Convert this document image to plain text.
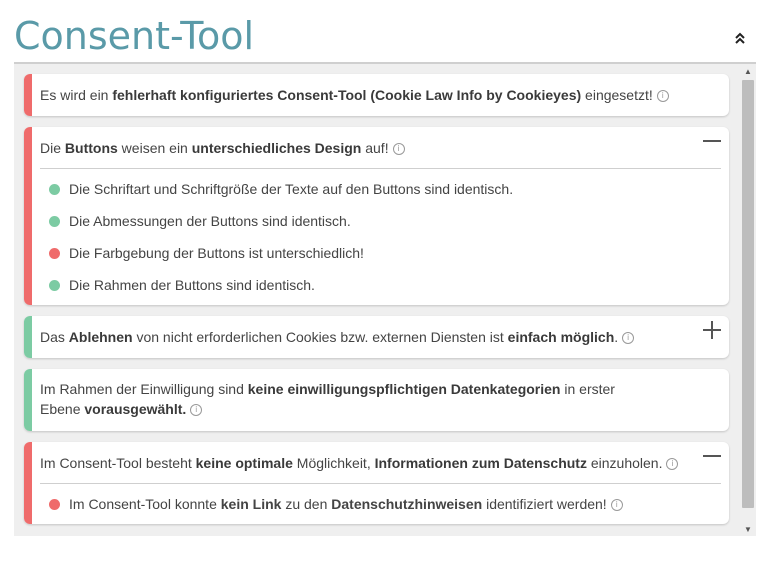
Consent-Tool
Es wird ein fehlerhaft konfiguriertes Consent-Tool (Cookie Law Info by Cookieyes) eingesetzt! i
Die Buttons weisen ein unterschiedliches Design auf! i
Die Schriftart und Schriftgröße der Texte auf den Buttons sind identisch.
Die Abmessungen der Buttons sind identisch.
Die Farbgebung der Buttons ist unterschiedlich!
Die Rahmen der Buttons sind identisch.
Das Ablehnen von nicht erforderlichen Cookies bzw. externen Diensten ist einfach möglich. i
Im Rahmen der Einwilligung sind keine einwilligungspflichtigen Datenkategorien in erster Ebene vorausgewählt. i
Im Consent-Tool besteht keine optimale Möglichkeit, Informationen zum Datenschutz einzuholen. i
Im Consent-Tool konnte kein Link zu den Datenschutzhinweisen identifiziert werden! i
▲
▼
